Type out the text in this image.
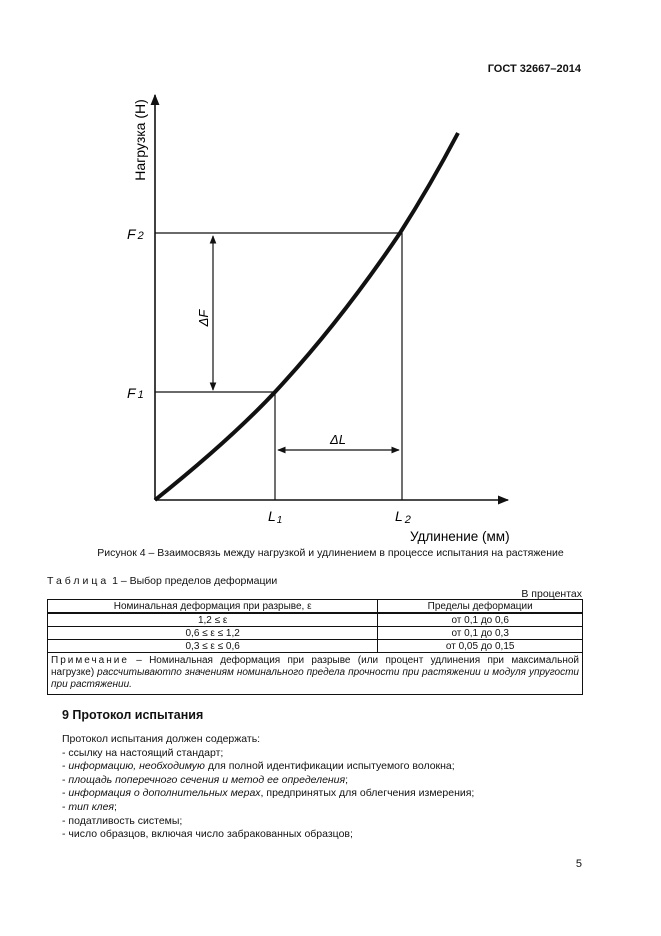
ГОСТ 32667–2014
Нагрузка (Н)
Удлинение (мм)
F 2
F 1
L1	L 2
ΔF
ΔL
Рисунок 4 – Взаимосвязь между нагрузкой и удлинением в процессе испытания на растяжение
Таблица 1 – Выбор пределов деформации
В процентах
Номинальная деформация при разрыве, ε	Пределы деформации
1,2 ≤ ε	от 0,1 до 0,6
0,6 ≤ ε ≤ 1,2	от 0,1 до 0,3
0,3 ≤ ε ≤ 0,6	от 0,05 до 0,15
Примечание – Номинальная деформация при разрыве (или процент удлинения при максимальной нагрузке) рассчитываютпо значениям номинального предела прочности при растяжении и модуля упругости при растяжении.	
9 Протокол испытания
Протокол испытания должен содержать:
- ссылку на настоящий стандарт;
- информацию, необходимую для полной идентификации испытуемого волокна;
- площадь поперечного сечения и метод ее определения;
- информация о дополнительных мерах, предпринятых для облегчения измерения;
- тип клея;
- податливость системы;
- число образцов, включая число забракованных образцов;
5
